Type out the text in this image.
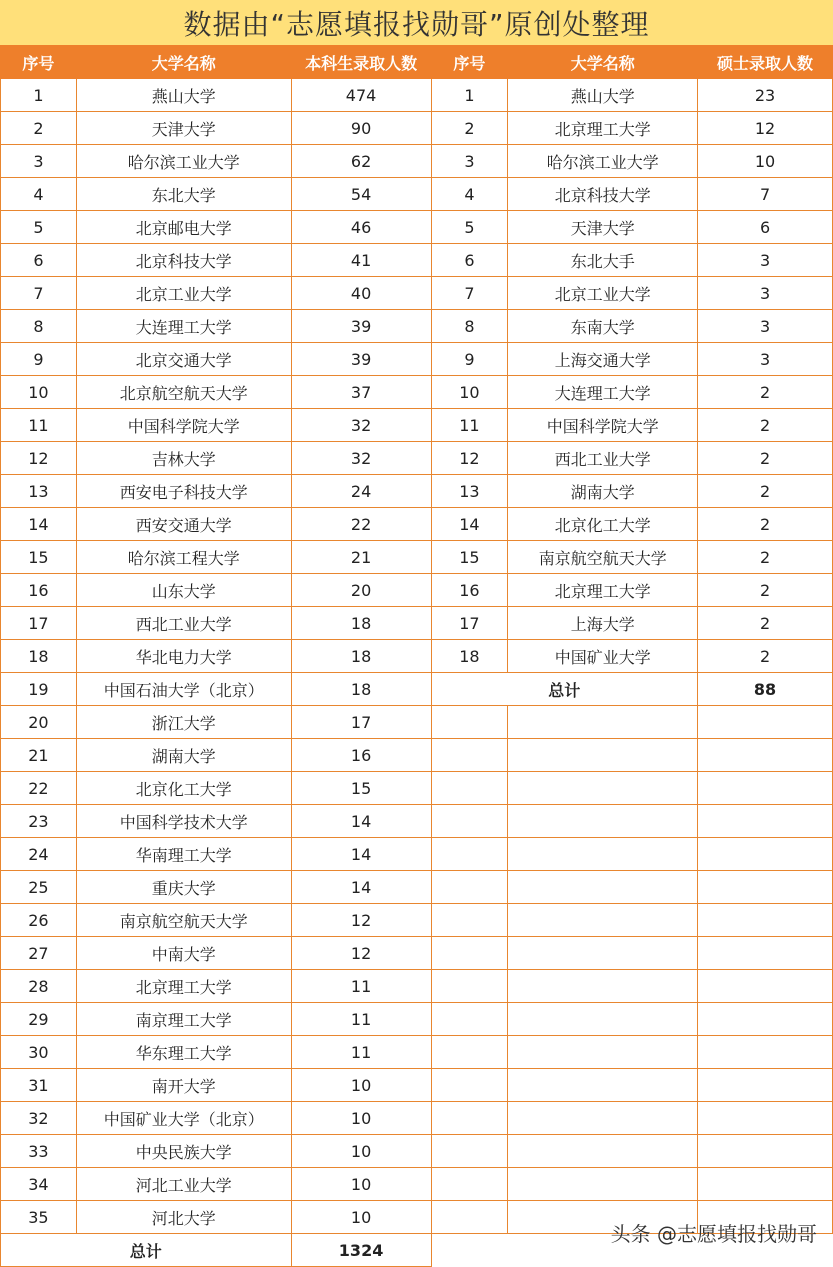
数据由“志愿填报找勋哥”原创处整理
序号	大学名称	本科生录取人数	序号	大学名称	硕士录取人数
1	燕山大学	474	1	燕山大学	23
2	天津大学	90	2	北京理工大学	12
3	哈尔滨工业大学	62	3	哈尔滨工业大学	10
4	东北大学	54	4	北京科技大学	7
5	北京邮电大学	46	5	天津大学	6
6	北京科技大学	41	6	东北大手	3
7	北京工业大学	40	7	北京工业大学	3
8	大连理工大学	39	8	东南大学	3
9	北京交通大学	39	9	上海交通大学	3
10	北京航空航天大学	37	10	大连理工大学	2
11	中国科学院大学	32	11	中国科学院大学	2
12	吉林大学	32	12	西北工业大学	2
13	西安电子科技大学	24	13	湖南大学	2
14	西安交通大学	22	14	北京化工大学	2
15	哈尔滨工程大学	21	15	南京航空航天大学	2
16	山东大学	20	16	北京理工大学	2
17	西北工业大学	18	17	上海大学	2
18	华北电力大学	18	18	中国矿业大学	2
19	中国石油大学（北京）	18	总计		88
20	浙江大学	17			
21	湖南大学	16			
22	北京化工大学	15			
23	中国科学技术大学	14			
24	华南理工大学	14			
25	重庆大学	14			
26	南京航空航天大学	12			
27	中南大学	12			
28	北京理工大学	11			
29	南京理工大学	11			
30	华东理工大学	11			
31	南开大学	10			
32	中国矿业大学（北京）	10			
33	中央民族大学	10			
34	河北工业大学	10			
35	河北大学	10			
总计		1324			
头条 @志愿填报找勋哥
